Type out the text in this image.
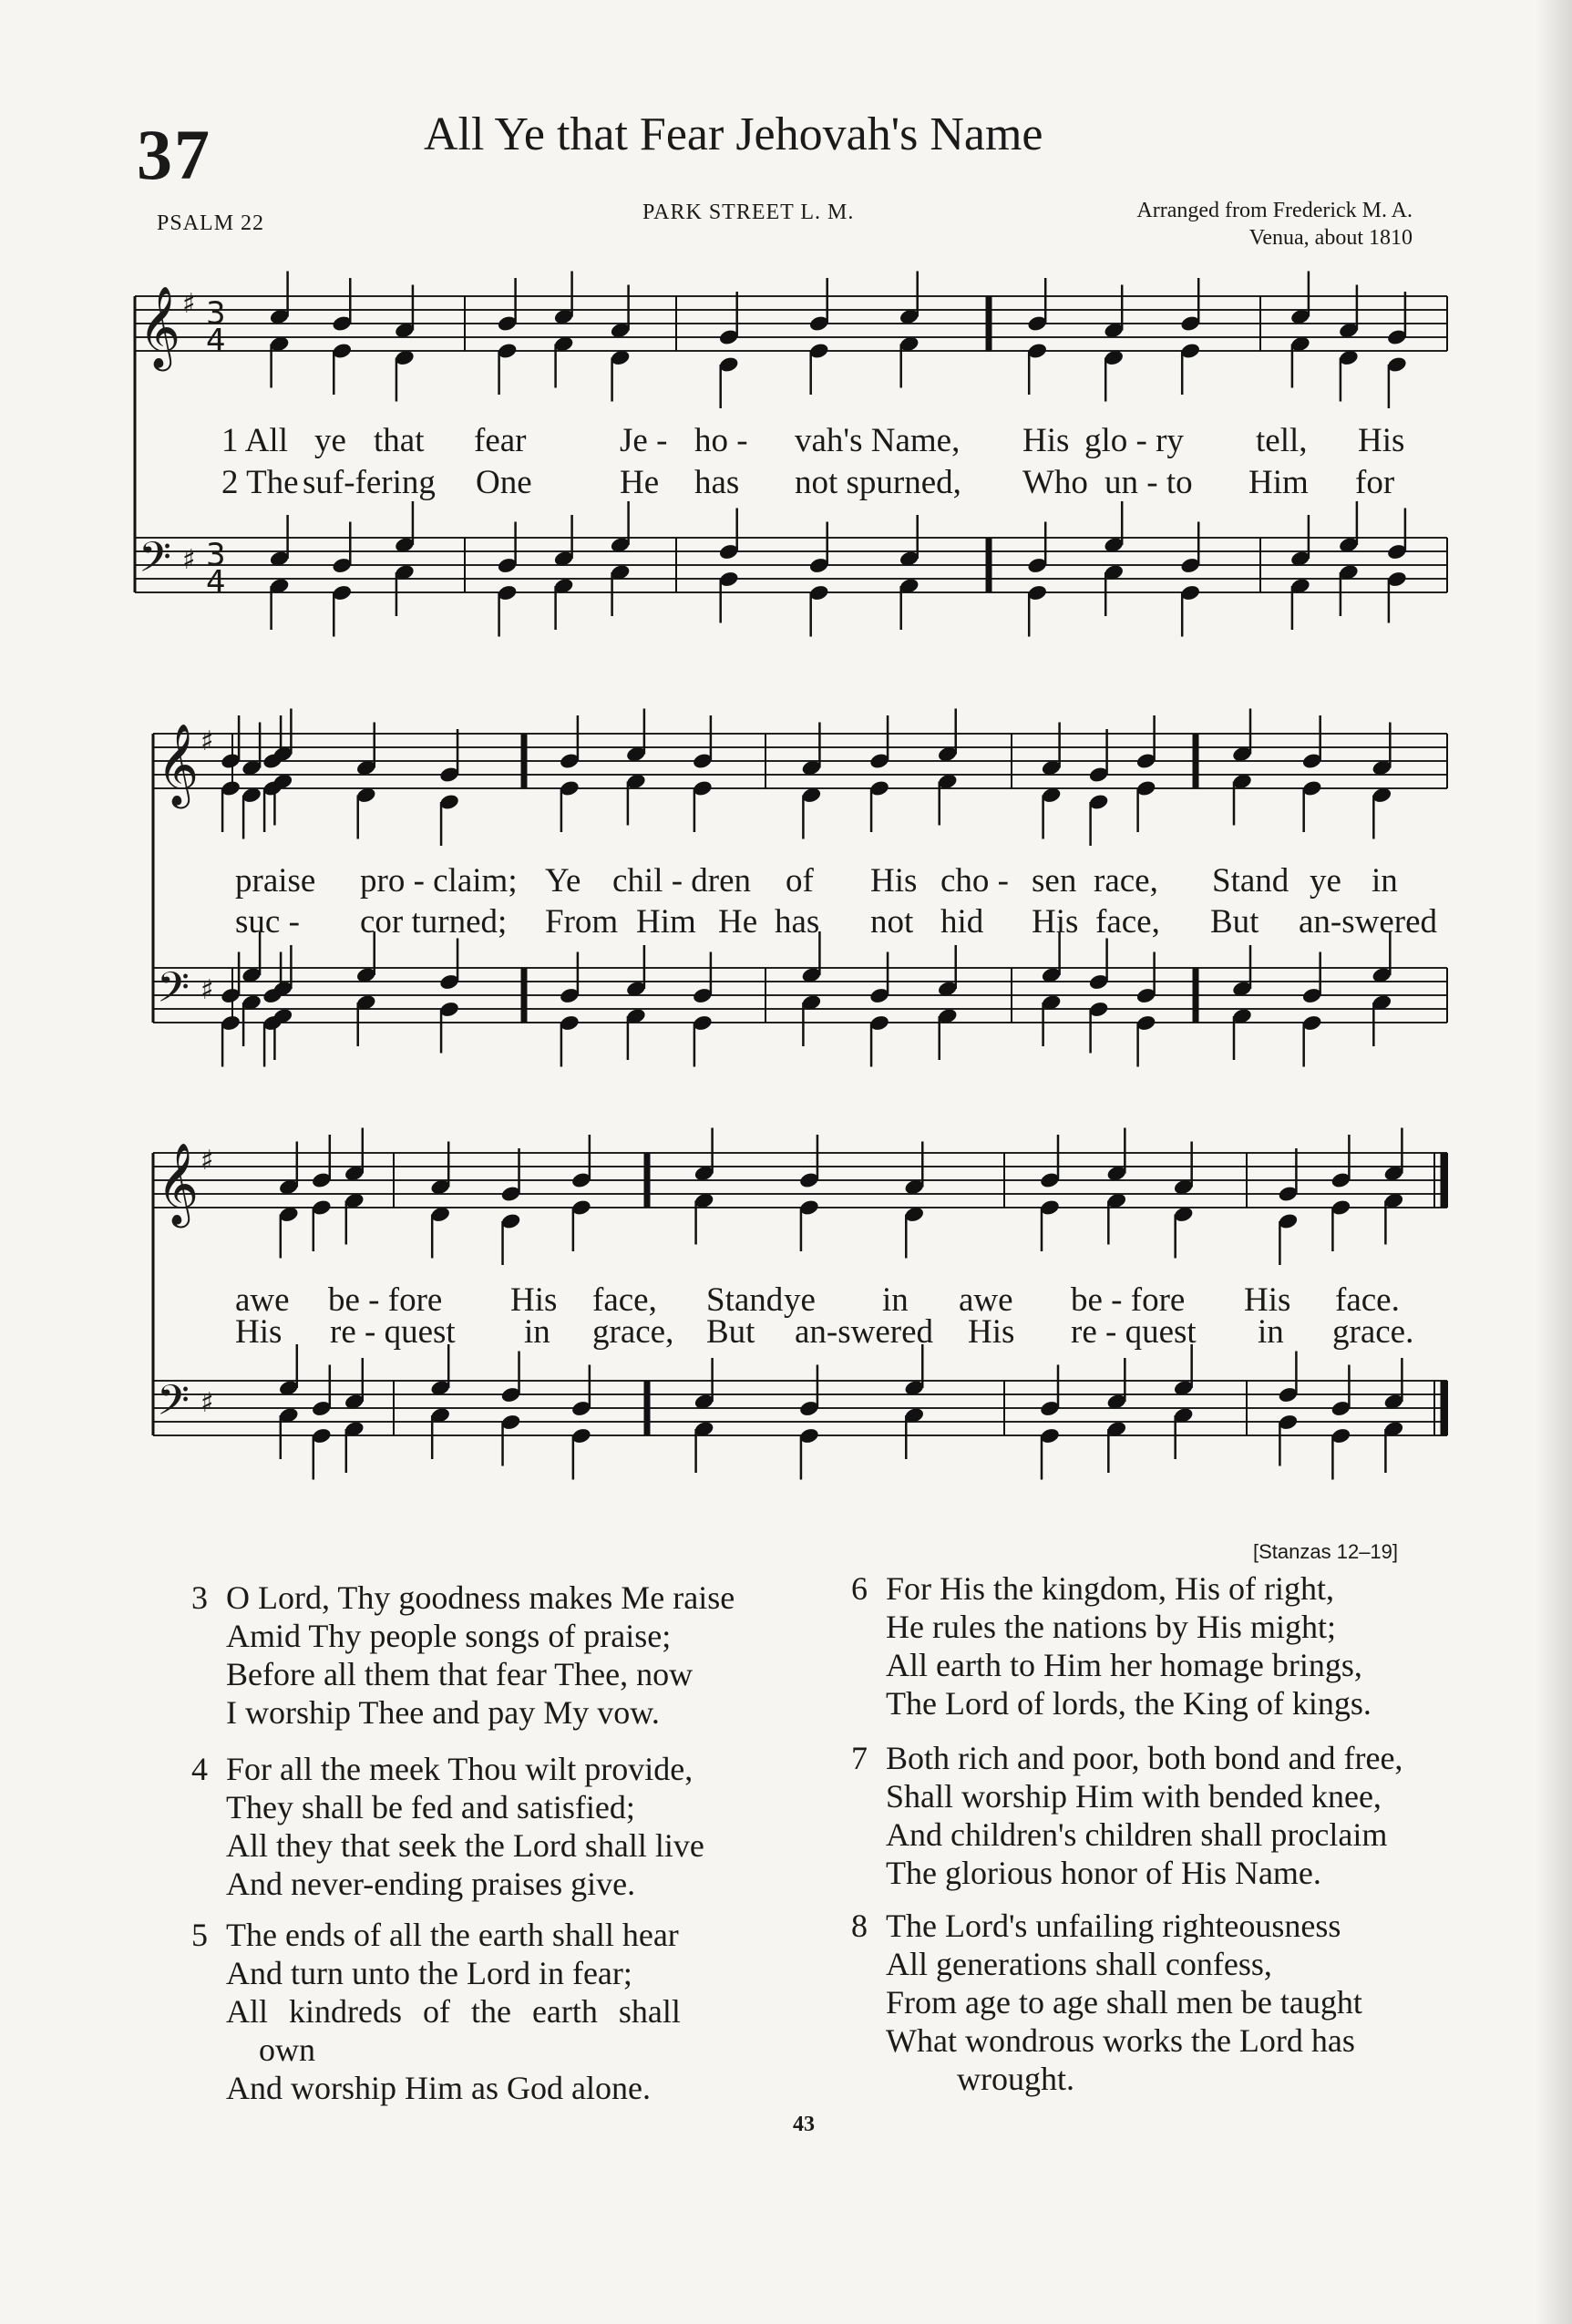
37	All Ye that Fear Jehovah's Name
PSALM 22	PARK STREET L. M.	Arranged from Frederick M. A.
Venua, about 1810
𝄞 ♯ 3
4
𝄢 ♯ 3
4
𝄞 ♯
𝄢 ♯
𝄞 ♯
𝄢 ♯
1 All ye that fear	Je - ho - vah's Name, His glo - ry tell, His
2 The suf-fering One	He has not spurned, Who un - to Him for
praise pro - claim; Ye chil - dren of His cho - sen race, Stand ye in
suc - cor turned; From Him He has not hid His face, But an-swered
awe be - fore His face, Stand ye in awe be - fore His face.
His re - quest in grace, But an-swered His re - quest in grace.
[Stanzas 12–19]
3 O Lord, Thy goodness makes Me raise
Amid Thy people songs of praise;
Before all them that fear Thee, now
I worship Thee and pay My vow.
4 For all the meek Thou wilt provide,
They shall be fed and satisfied;
All they that seek the Lord shall live
And never-ending praises give.
5 The ends of all the earth shall hear
And turn unto the Lord in fear;
All kindreds of the earth shall
own
And worship Him as God alone.
6 For His the kingdom, His of right,
He rules the nations by His might;
All earth to Him her homage brings,
The Lord of lords, the King of kings.
7 Both rich and poor, both bond and free,
Shall worship Him with bended knee,
And children's children shall proclaim
The glorious honor of His Name.
8 The Lord's unfailing righteousness
All generations shall confess,
From age to age shall men be taught
What wondrous works the Lord has
wrought.
43
